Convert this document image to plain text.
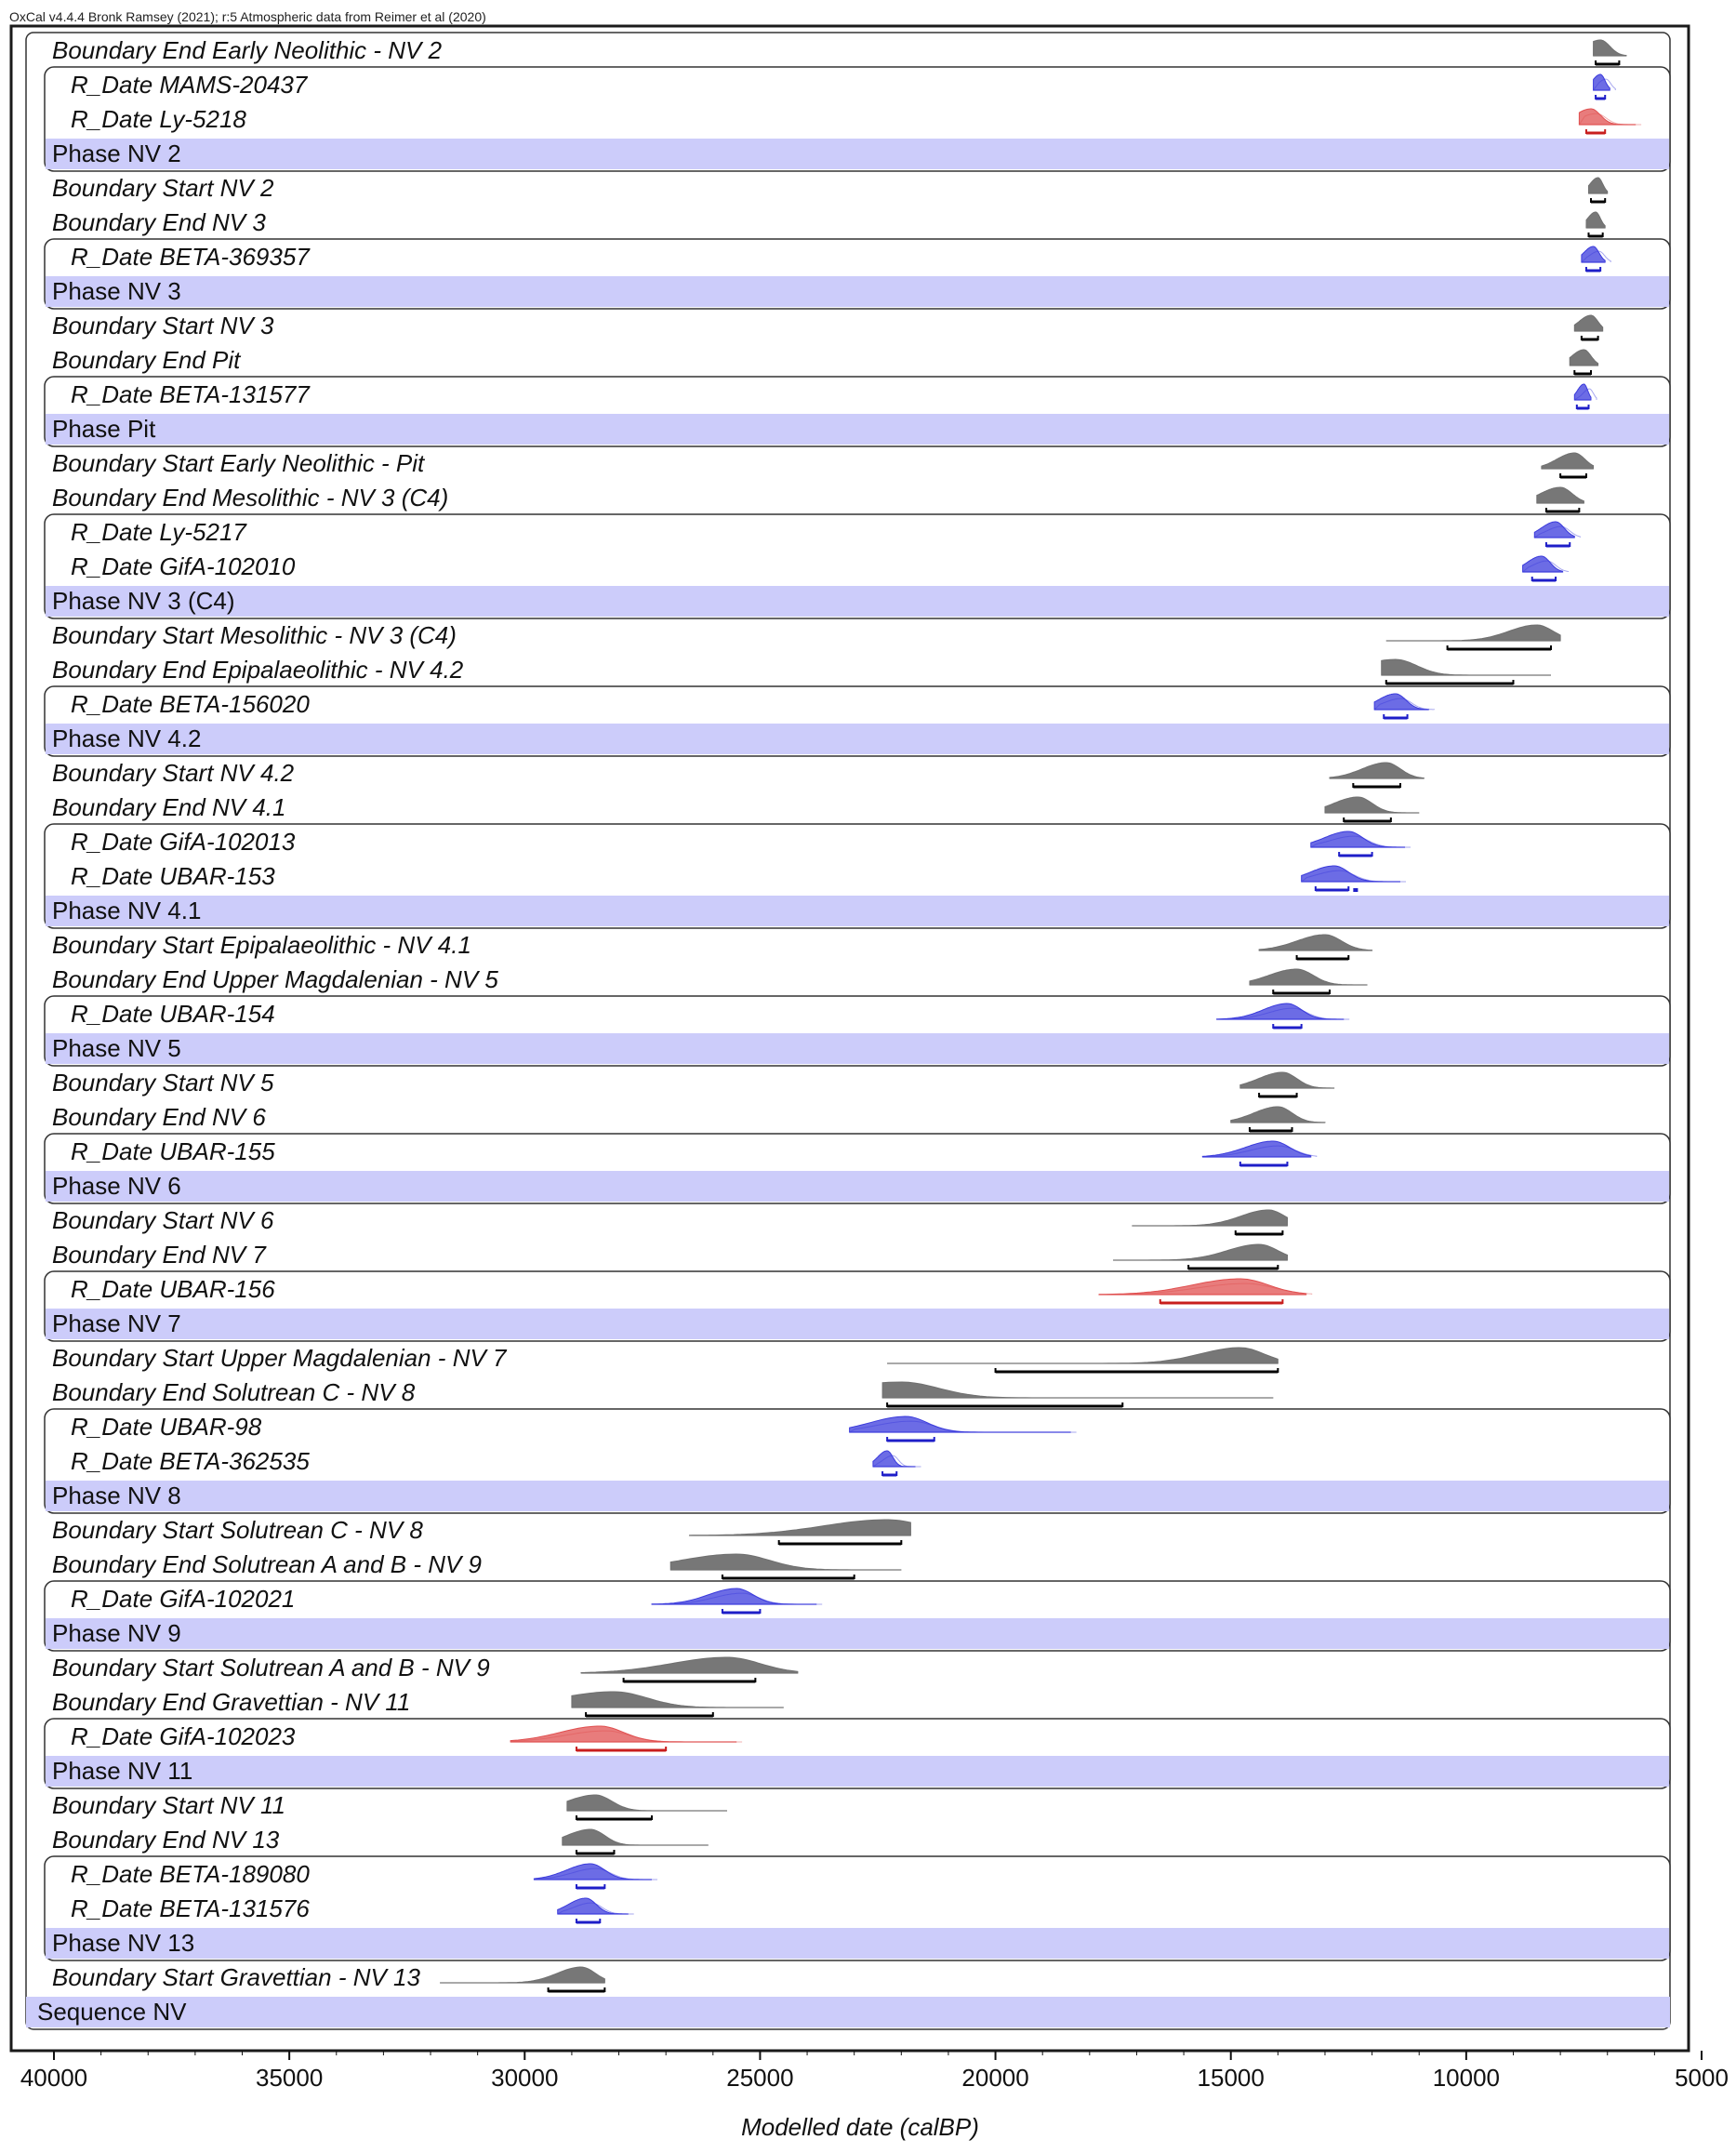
OxCal v4.4.4 Bronk Ramsey (2021); r:5 Atmospheric data from Reimer et al (2020)
Sequence NV
Phase NV 2
Phase NV 3
Phase Pit
Phase NV 3 (C4)
Phase NV 4.2
Phase NV 4.1
Phase NV 5
Phase NV 6
Phase NV 7
Phase NV 8
Phase NV 9
Phase NV 11
Phase NV 13
Boundary End Early Neolithic - NV 2
R_Date MAMS-20437
R_Date Ly-5218
Boundary Start NV 2
Boundary End NV 3
R_Date BETA-369357
Boundary Start NV 3
Boundary End Pit
R_Date BETA-131577
Boundary Start Early Neolithic - Pit
Boundary End Mesolithic - NV 3 (C4)
R_Date Ly-5217
R_Date GifA-102010
Boundary Start Mesolithic - NV 3 (C4)
Boundary End Epipalaeolithic - NV 4.2
R_Date BETA-156020
Boundary Start NV 4.2
Boundary End NV 4.1
R_Date GifA-102013
R_Date UBAR-153
Boundary Start Epipalaeolithic - NV 4.1
Boundary End Upper Magdalenian - NV 5
R_Date UBAR-154
Boundary Start NV 5
Boundary End NV 6
R_Date UBAR-155
Boundary Start NV 6
Boundary End NV 7
R_Date UBAR-156
Boundary Start Upper Magdalenian - NV 7
Boundary End Solutrean C - NV 8
R_Date UBAR-98
R_Date BETA-362535
Boundary Start Solutrean C - NV 8
Boundary End Solutrean A and B - NV 9
R_Date GifA-102021
Boundary Start Solutrean A and B - NV 9
Boundary End Gravettian - NV 11
R_Date GifA-102023
Boundary Start NV 11
Boundary End NV 13
R_Date BETA-189080
R_Date BETA-131576
Boundary Start Gravettian - NV 13
40000	35000	30000	25000	20000	15000	10000	5000
Modelled date (calBP)
